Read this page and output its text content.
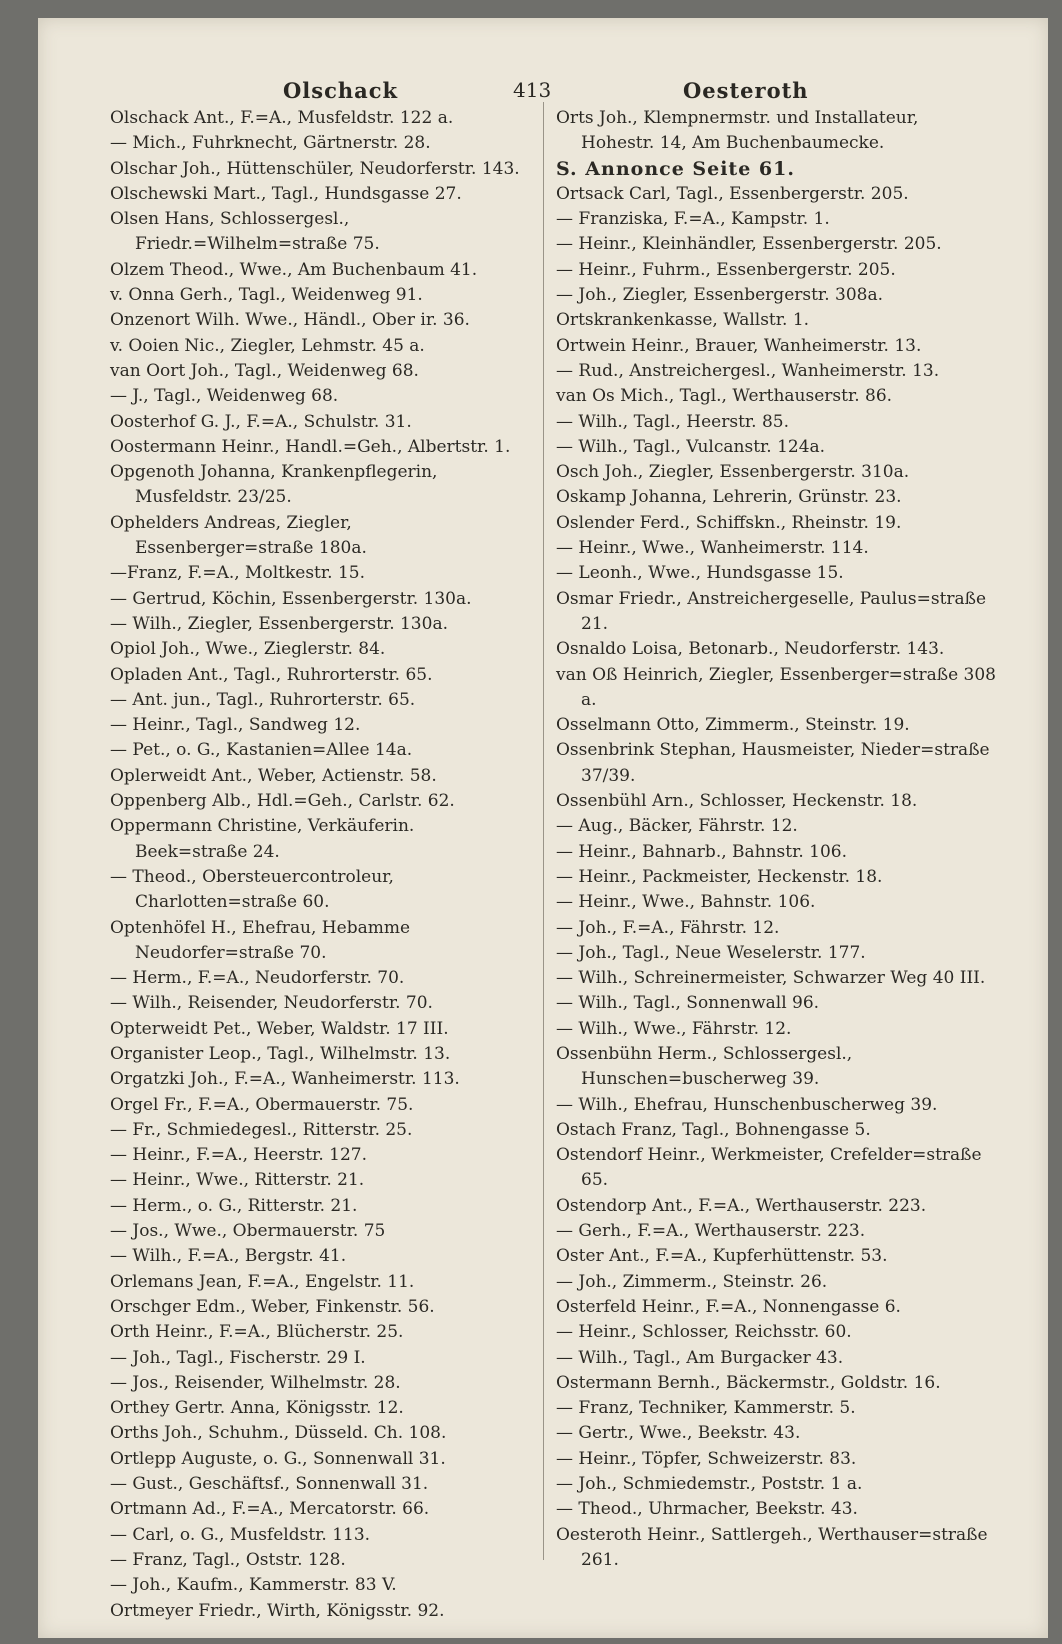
Olschack	413	Oesteroth

Olschack Ant., F.=A., Musfeldstr. 122 a.

— Mich., Fuhrknecht, Gärtnerstr. 28.

Olschar Joh., Hüttenschüler, Neudorferstr. 143.

Olschewski Mart., Tagl., Hundsgasse 27.

Olsen Hans, Schlossergesl., Friedr.=Wilhelm=straße 75.

Olzem Theod., Wwe., Am Buchenbaum 41.

v. Onna Gerh., Tagl., Weidenweg 91.

Onzenort Wilh. Wwe., Händl., Ober ir. 36.

v. Ooien Nic., Ziegler, Lehmstr. 45 a.

van Oort Joh., Tagl., Weidenweg 68.

— J., Tagl., Weidenweg 68.

Oosterhof G. J., F.=A., Schulstr. 31.

Oostermann Heinr., Handl.=Geh., Albertstr. 1.

Opgenoth Johanna, Krankenpflegerin, Musfeldstr. 23/25.

Ophelders Andreas, Ziegler, Essenberger=straße 180a.

—Franz, F.=A., Moltkestr. 15.

— Gertrud, Köchin, Essenbergerstr. 130a.

— Wilh., Ziegler, Essenbergerstr. 130a.

Opiol Joh., Wwe., Zieglerstr. 84.

Opladen Ant., Tagl., Ruhrorterstr. 65.

— Ant. jun., Tagl., Ruhrorterstr. 65.

— Heinr., Tagl., Sandweg 12.

— Pet., o. G., Kastanien=Allee 14a.

Oplerweidt Ant., Weber, Actienstr. 58.

Oppenberg Alb., Hdl.=Geh., Carlstr. 62.

Oppermann Christine, Verkäuferin. Beek=straße 24.

— Theod., Obersteuercontroleur, Charlotten=straße 60.

Optenhöfel H., Ehefrau, Hebamme Neudorfer=straße 70.

— Herm., F.=A., Neudorferstr. 70.

— Wilh., Reisender, Neudorferstr. 70.

Opterweidt Pet., Weber, Waldstr. 17 III.

Organister Leop., Tagl., Wilhelmstr. 13.

Orgatzki Joh., F.=A., Wanheimerstr. 113.

Orgel Fr., F.=A., Obermauerstr. 75.

— Fr., Schmiedegesl., Ritterstr. 25.

— Heinr., F.=A., Heerstr. 127.

— Heinr., Wwe., Ritterstr. 21.

— Herm., o. G., Ritterstr. 21.

— Jos., Wwe., Obermauerstr. 75

— Wilh., F.=A., Bergstr. 41.

Orlemans Jean, F.=A., Engelstr. 11.

Orschger Edm., Weber, Finkenstr. 56.

Orth Heinr., F.=A., Blücherstr. 25.

— Joh., Tagl., Fischerstr. 29 I.

— Jos., Reisender, Wilhelmstr. 28.

Orthey Gertr. Anna, Königsstr. 12.

Orths Joh., Schuhm., Düsseld. Ch. 108.

Ortlepp Auguste, o. G., Sonnenwall 31.

— Gust., Geschäftsf., Sonnenwall 31.

Ortmann Ad., F.=A., Mercatorstr. 66.

— Carl, o. G., Musfeldstr. 113.

— Franz, Tagl., Oststr. 128.

— Joh., Kaufm., Kammerstr. 83 V.

Ortmeyer Friedr., Wirth, Königsstr. 92.

Orts Joh., Klempnermstr. und Installateur, Hohestr. 14, Am Buchenbaumecke.

S. Annonce Seite 61.

Ortsack Carl, Tagl., Essenbergerstr. 205.

— Franziska, F.=A., Kampstr. 1.

— Heinr., Kleinhändler, Essenbergerstr. 205.

— Heinr., Fuhrm., Essenbergerstr. 205.

— Joh., Ziegler, Essenbergerstr. 308a.

Ortskrankenkasse, Wallstr. 1.

Ortwein Heinr., Brauer, Wanheimerstr. 13.

— Rud., Anstreichergesl., Wanheimerstr. 13.

van Os Mich., Tagl., Werthauserstr. 86.

— Wilh., Tagl., Heerstr. 85.

— Wilh., Tagl., Vulcanstr. 124a.

Osch Joh., Ziegler, Essenbergerstr. 310a.

Oskamp Johanna, Lehrerin, Grünstr. 23.

Oslender Ferd., Schiffskn., Rheinstr. 19.

— Heinr., Wwe., Wanheimerstr. 114.

— Leonh., Wwe., Hundsgasse 15.

Osmar Friedr., Anstreichergeselle, Paulus=straße 21.

Osnaldo Loisa, Betonarb., Neudorferstr. 143.

van Oß Heinrich, Ziegler, Essenberger=straße 308 a.

Osselmann Otto, Zimmerm., Steinstr. 19.

Ossenbrink Stephan, Hausmeister, Nieder=straße 37/39.

Ossenbühl Arn., Schlosser, Heckenstr. 18.

— Aug., Bäcker, Fährstr. 12.

— Heinr., Bahnarb., Bahnstr. 106.

— Heinr., Packmeister, Heckenstr. 18.

— Heinr., Wwe., Bahnstr. 106.

— Joh., F.=A., Fährstr. 12.

— Joh., Tagl., Neue Weselerstr. 177.

— Wilh., Schreinermeister, Schwarzer Weg 40 III.

— Wilh., Tagl., Sonnenwall 96.

— Wilh., Wwe., Fährstr. 12.

Ossenbühn Herm., Schlossergesl., Hunschen=buscherweg 39.

— Wilh., Ehefrau, Hunschenbuscherweg 39.

Ostach Franz, Tagl., Bohnengasse 5.

Ostendorf Heinr., Werkmeister, Crefelder=straße 65.

Ostendorp Ant., F.=A., Werthauserstr. 223.

— Gerh., F.=A., Werthauserstr. 223.

Oster Ant., F.=A., Kupferhüttenstr. 53.

— Joh., Zimmerm., Steinstr. 26.

Osterfeld Heinr., F.=A., Nonnengasse 6.

— Heinr., Schlosser, Reichsstr. 60.

— Wilh., Tagl., Am Burgacker 43.

Ostermann Bernh., Bäckermstr., Goldstr. 16.

— Franz, Techniker, Kammerstr. 5.

— Gertr., Wwe., Beekstr. 43.

— Heinr., Töpfer, Schweizerstr. 83.

— Joh., Schmiedemstr., Poststr. 1 a.

— Theod., Uhrmacher, Beekstr. 43.

Oesteroth Heinr., Sattlergeh., Werthauser=straße 261.
